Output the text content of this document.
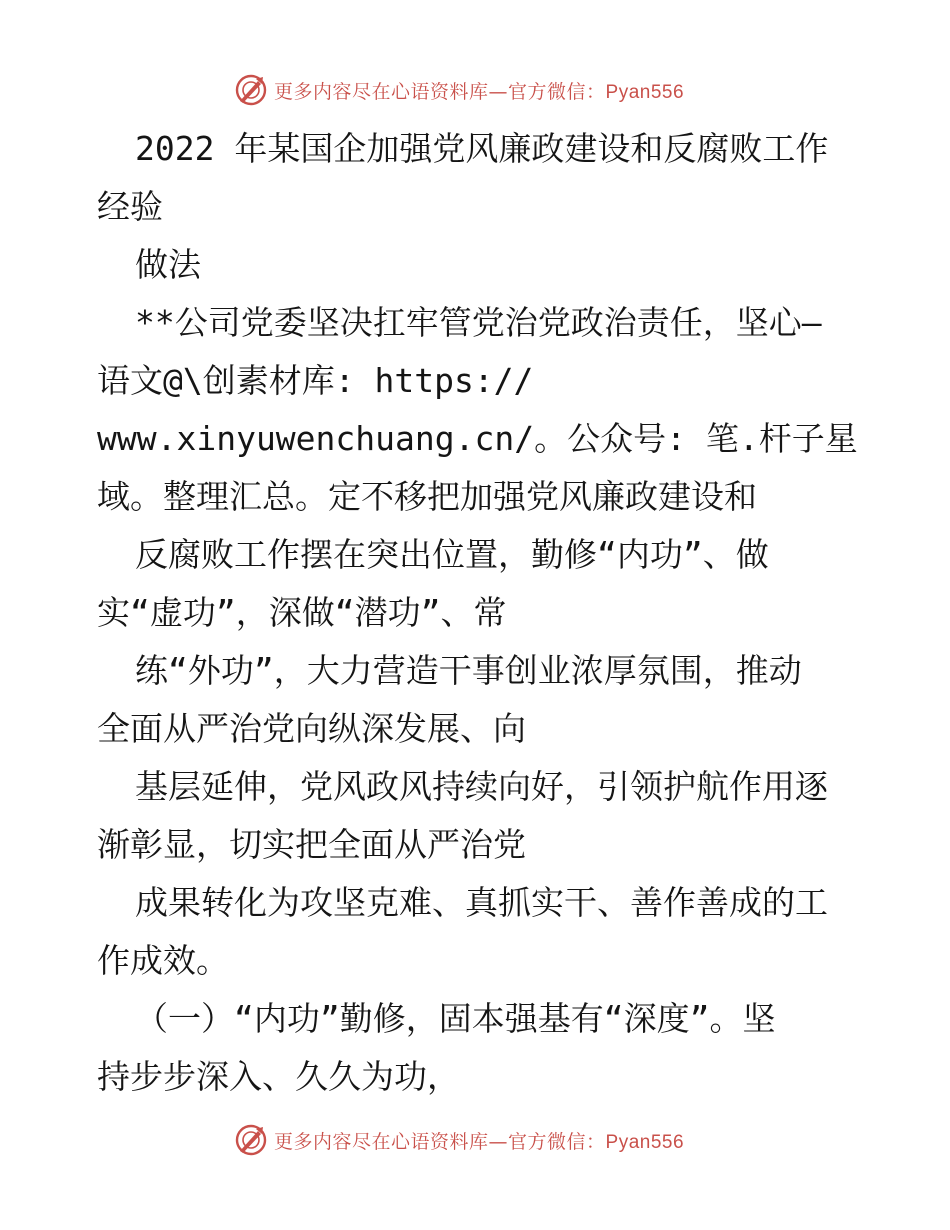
更多内容尽在心语资料库—官方微信：Pyan556
2022 年某国企加强党风廉政建设和反腐败工作
经验
做法
**公司党委坚决扛牢管党治党政治责任，坚心—
语文@\创素材库: https://
www.xinyuwenchuang.cn/。公众号: 笔.杆子星
域。整理汇总。定不移把加强党风廉政建设和
反腐败工作摆在突出位置，勤修“内功”、做
实“虚功”，深做“潜功”、常
练“外功”，大力营造干事创业浓厚氛围，推动
全面从严治党向纵深发展、向
基层延伸，党风政风持续向好，引领护航作用逐
渐彰显，切实把全面从严治党
成果转化为攻坚克难、真抓实干、善作善成的工
作成效。
（一）“内功”勤修，固本强基有“深度”。坚
持步步深入、久久为功，
更多内容尽在心语资料库—官方微信：Pyan556
